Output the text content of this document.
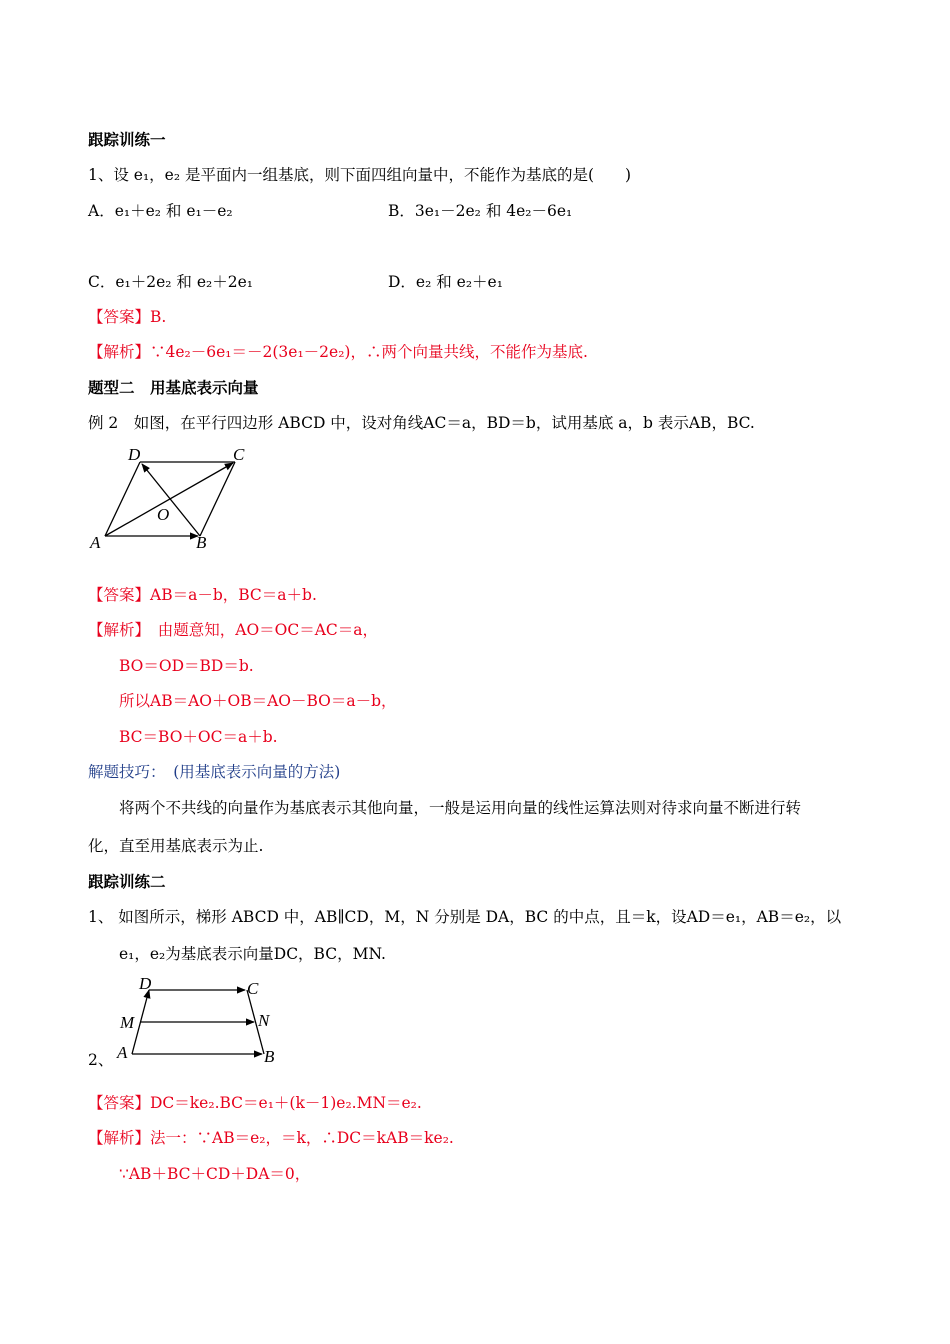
跟踪训练一
1、设 e₁，e₂ 是平面内一组基底，则下面四组向量中，不能作为基底的是(　　)
A．e₁＋e₂ 和 e₁－e₂	B．3e₁－2e₂ 和 4e₂－6e₁
C．e₁＋2e₂ 和 e₂＋2e₁	D．e₂ 和 e₂＋e₁
【答案】B.
【解析】∵4e₂－6e₁＝－2(3e₁－2e₂)，∴两个向量共线，不能作为基底.
题型二　用基底表示向量
例 2　如图，在平行四边形 ABCD 中，设对角线AC＝a，BD＝b，试用基底 a，b 表示AB，BC.
D	C
O
A	B
【答案】AB＝a－b，BC＝a＋b.
【解析】　由题意知，AO＝OC＝AC＝a，
BO＝OD＝BD＝b.
所以AB＝AO＋OB＝AO－BO＝a－b，
BC＝BO＋OC＝a＋b.
解题技巧：　(用基底表示向量的方法)
将两个不共线的向量作为基底表示其他向量，一般是运用向量的线性运算法则对待求向量不断进行转
化，直至用基底表示为止.
跟踪训练二
1、 如图所示，梯形 ABCD 中，AB∥CD，M，N 分别是 DA，BC 的中点，且＝k，设AD＝e₁，AB＝e₂，以
e₁，e₂为基底表示向量DC，BC，MN.
D	C
M	N
A	B
2、
【答案】DC＝ke₂.BC＝e₁＋(k－1)e₂.MN＝e₂.
【解析】法一：∵AB＝e₂，＝k，∴DC＝kAB＝ke₂.
∵AB＋BC＋CD＋DA＝0，
